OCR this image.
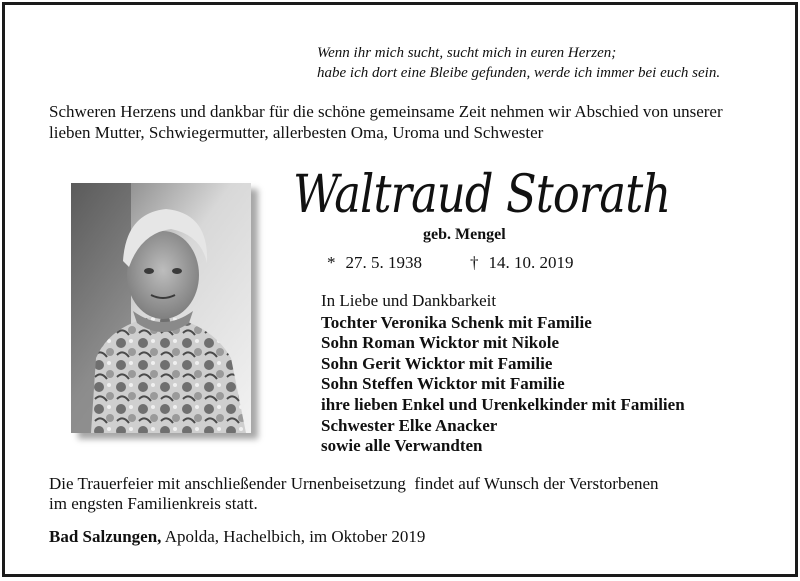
Wenn ihr mich sucht, sucht mich in euren Herzen;
habe ich dort eine Bleibe gefunden, werde ich immer bei euch sein.
Schweren Herzens und dankbar für die schöne gemeinsame Zeit nehmen wir Abschied von unserer
lieben Mutter, Schwiegermutter, allerbesten Oma, Uroma und Schwester
Waltraud Storath
geb. Mengel
* 27. 5. 1938	† 14. 10. 2019
In Liebe und Dankbarkeit
Tochter Veronika Schenk mit Familie
Sohn Roman Wicktor mit Nikole
Sohn Gerit Wicktor mit Familie
Sohn Steffen Wicktor mit Familie
ihre lieben Enkel und Urenkelkinder mit Familien
Schwester Elke Anacker
sowie alle Verwandten
Die Trauerfeier mit anschließender Urnenbeisetzung  findet auf Wunsch der Verstorbenen
im engsten Familienkreis statt.
Bad Salzungen, Apolda, Hachelbich, im Oktober 2019
